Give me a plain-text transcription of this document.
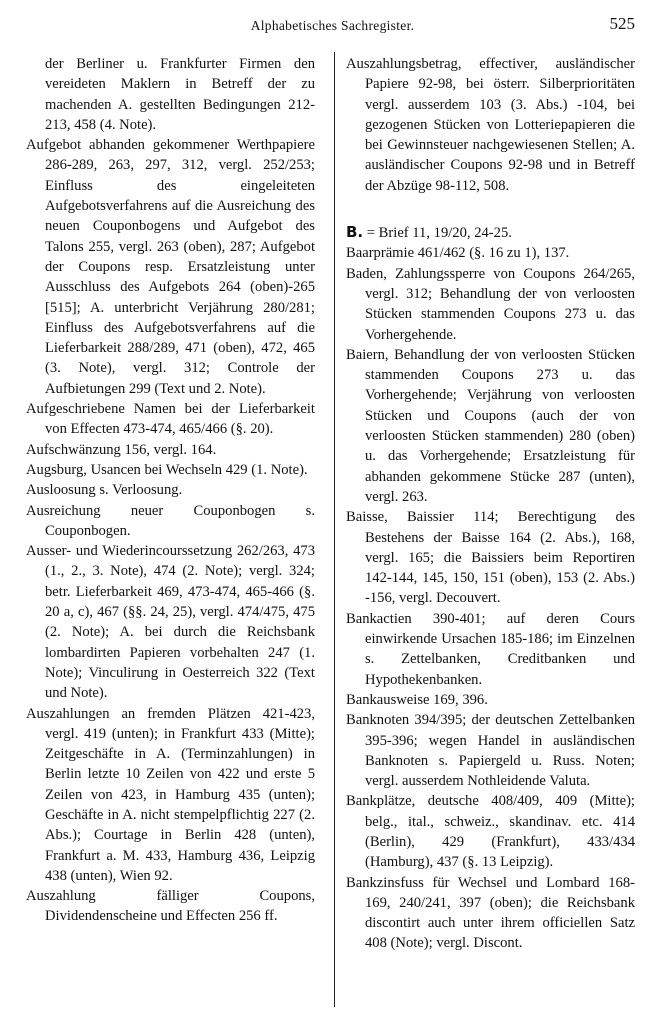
Alphabetisches Sachregister.	525

der Berliner u. Frankfurter Firmen den vereideten Maklern in Betreff der zu machenden A. gestellten Bedingungen 212-213, 458 (4. Note).

Aufgebot abhanden gekommener Werthpapiere 286-289, 263, 297, 312, vergl. 252/253; Einfluss des eingeleiteten Aufgebotsverfahrens auf die Ausreichung des neuen Couponbogens und Aufgebot des Talons 255, vergl. 263 (oben), 287; Aufgebot der Coupons resp. Ersatzleistung unter Ausschluss des Aufgebots 264 (oben)-265 [515]; A. unterbricht Verjährung 280/281; Einfluss des Aufgebotsverfahrens auf die Lieferbarkeit 288/289, 471 (oben), 472, 465 (3. Note), vergl. 312; Controle der Aufbietungen 299 (Text und 2. Note).

Aufgeschriebene Namen bei der Lieferbarkeit von Effecten 473-474, 465/466 (§. 20).

Aufschwänzung 156, vergl. 164.

Augsburg, Usancen bei Wechseln 429 (1. Note).

Ausloosung s. Verloosung.

Ausreichung neuer Couponbogen s. Couponbogen.

Ausser- und Wiederincourssetzung 262/263, 473 (1., 2., 3. Note), 474 (2. Note); vergl. 324; betr. Lieferbarkeit 469, 473-474, 465-466 (§. 20 a, c), 467 (§§. 24, 25), vergl. 474/475, 475 (2. Note); A. bei durch die Reichsbank lombardirten Papieren vorbehalten 247 (1. Note); Vinculirung in Oesterreich 322 (Text und Note).

Auszahlungen an fremden Plätzen 421-423, vergl. 419 (unten); in Frankfurt 433 (Mitte); Zeitgeschäfte in A. (Terminzahlungen) in Berlin letzte 10 Zeilen von 422 und erste 5 Zeilen von 423, in Hamburg 435 (unten); Geschäfte in A. nicht stempelpflichtig 227 (2. Abs.); Courtage in Berlin 428 (unten), Frankfurt a. M. 433, Hamburg 436, Leipzig 438 (unten), Wien 92.

Auszahlung fälliger Coupons, Dividendenscheine und Effecten 256 ff.

Auszahlungsbetrag, effectiver, ausländischer Papiere 92-98, bei österr. Silberprioritäten vergl. ausserdem 103 (3. Abs.) -104, bei gezogenen Stücken von Lotteriepapieren die bei Gewinnsteuer nachgewiesenen Stellen; A. ausländischer Coupons 92-98 und in Betreff der Abzüge 98-112, 508.

B. = Brief 11, 19/20, 24-25.

Baarprämie 461/462 (§. 16 zu 1), 137.

Baden, Zahlungssperre von Coupons 264/265, vergl. 312; Behandlung der von verloosten Stücken stammenden Coupons 273 u. das Vorhergehende.

Baiern, Behandlung der von verloosten Stücken stammenden Coupons 273 u. das Vorhergehende; Verjährung von verloosten Stücken und Coupons (auch der von verloosten Stücken stammenden) 280 (oben) u. das Vorhergehende; Ersatzleistung für abhanden gekommene Stücke 287 (unten), vergl. 263.

Baisse, Baissier 114; Berechtigung des Bestehens der Baisse 164 (2. Abs.), 168, vergl. 165; die Baissiers beim Reportiren 142-144, 145, 150, 151 (oben), 153 (2. Abs.) -156, vergl. Decouvert.

Bankactien 390-401; auf deren Cours einwirkende Ursachen 185-186; im Einzelnen s. Zettelbanken, Creditbanken und Hypothekenbanken.

Bankausweise 169, 396.

Banknoten 394/395; der deutschen Zettelbanken 395-396; wegen Handel in ausländischen Banknoten s. Papiergeld u. Russ. Noten; vergl. ausserdem Nothleidende Valuta.

Bankplätze, deutsche 408/409, 409 (Mitte); belg., ital., schweiz., skandinav. etc. 414 (Berlin), 429 (Frankfurt), 433/434 (Hamburg), 437 (§. 13 Leipzig).

Bankzinsfuss für Wechsel und Lombard 168-169, 240/241, 397 (oben); die Reichsbank discontirt auch unter ihrem officiellen Satz 408 (Note); vergl. Discont.
